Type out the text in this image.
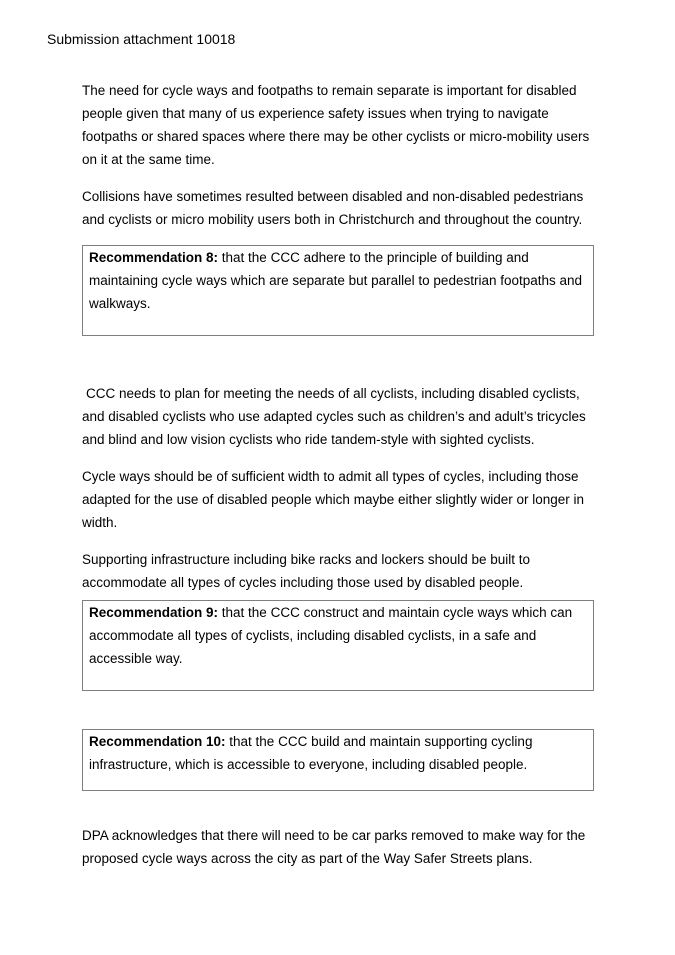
Submission attachment 10018

The need for cycle ways and footpaths to remain separate is important for disabled people given that many of us experience safety issues when trying to navigate footpaths or shared spaces where there may be other cyclists or micro-mobility users on it at the same time.

Collisions have sometimes resulted between disabled and non-disabled pedestrians and cyclists or micro mobility users both in Christchurch and throughout the country.

Recommendation 8: that the CCC adhere to the principle of building and maintaining cycle ways which are separate but parallel to pedestrian footpaths and walkways.

CCC needs to plan for meeting the needs of all cyclists, including disabled cyclists, and disabled cyclists who use adapted cycles such as children’s and adult’s tricycles and blind and low vision cyclists who ride tandem-style with sighted cyclists.

Cycle ways should be of sufficient width to admit all types of cycles, including those adapted for the use of disabled people which maybe either slightly wider or longer in width.

Supporting infrastructure including bike racks and lockers should be built to accommodate all types of cycles including those used by disabled people.

Recommendation 9: that the CCC construct and maintain cycle ways which can accommodate all types of cyclists, including disabled cyclists, in a safe and accessible way.
Recommendation 10: that the CCC build and maintain supporting cycling infrastructure, which is accessible to everyone, including disabled people.

DPA acknowledges that there will need to be car parks removed to make way for the proposed cycle ways across the city as part of the Way Safer Streets plans.
